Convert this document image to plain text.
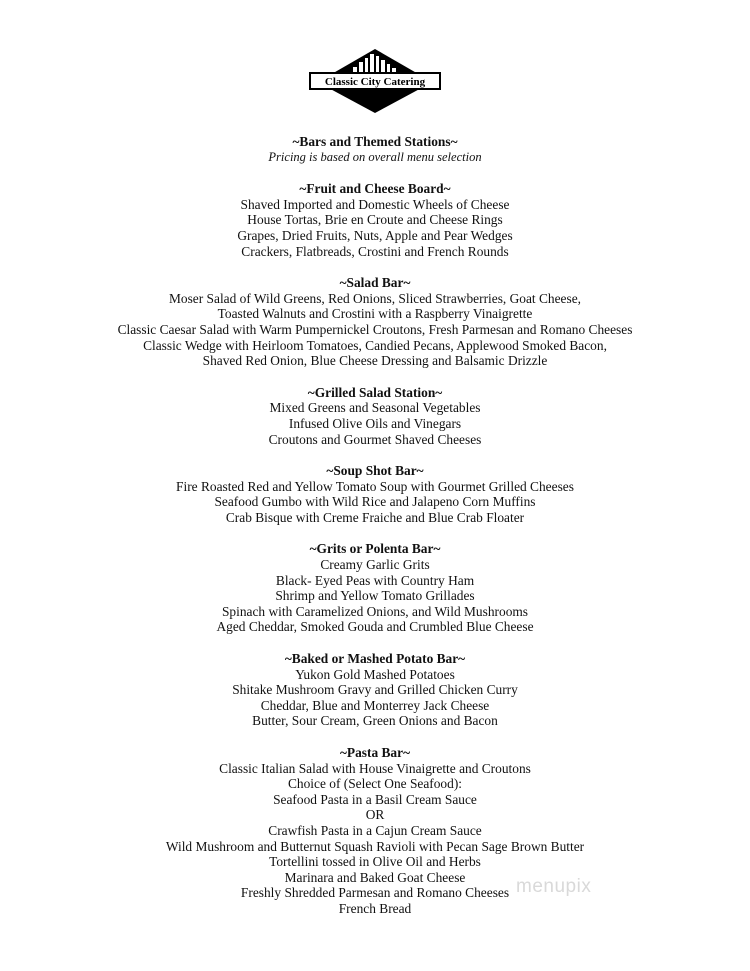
Classic City Catering
~Bars and Themed Stations~
Pricing is based on overall menu selection
~Fruit and Cheese Board~
Shaved Imported and Domestic Wheels of Cheese
House Tortas, Brie en Croute and Cheese Rings
Grapes, Dried Fruits, Nuts, Apple and Pear Wedges
Crackers, Flatbreads, Crostini and French Rounds
~Salad Bar~
Moser Salad of Wild Greens, Red Onions, Sliced Strawberries, Goat Cheese,
Toasted Walnuts and Crostini with a Raspberry Vinaigrette
Classic Caesar Salad with Warm Pumpernickel Croutons, Fresh Parmesan and Romano Cheeses
Classic Wedge with Heirloom Tomatoes, Candied Pecans, Applewood Smoked Bacon,
Shaved Red Onion, Blue Cheese Dressing and Balsamic Drizzle
~Grilled Salad Station~
Mixed Greens and Seasonal Vegetables
Infused Olive Oils and Vinegars
Croutons and Gourmet Shaved Cheeses
~Soup Shot Bar~
Fire Roasted Red and Yellow Tomato Soup with Gourmet Grilled Cheeses
Seafood Gumbo with Wild Rice and Jalapeno Corn Muffins
Crab Bisque with Creme Fraiche and Blue Crab Floater
~Grits or Polenta Bar~
Creamy Garlic Grits
Black- Eyed Peas with Country Ham
Shrimp and Yellow Tomato Grillades
Spinach with Caramelized Onions, and Wild Mushrooms
Aged Cheddar, Smoked Gouda and Crumbled Blue Cheese
~Baked or Mashed Potato Bar~
Yukon Gold Mashed Potatoes
Shitake Mushroom Gravy and Grilled Chicken Curry
Cheddar, Blue and Monterrey Jack Cheese
Butter, Sour Cream, Green Onions and Bacon
~Pasta Bar~
Classic Italian Salad with House Vinaigrette and Croutons
Choice of (Select One Seafood):
Seafood Pasta in a Basil Cream Sauce
OR
Crawfish Pasta in a Cajun Cream Sauce
Wild Mushroom and Butternut Squash Ravioli with Pecan Sage Brown Butter
Tortellini tossed in Olive Oil and Herbs
Marinara and Baked Goat Cheese
Freshly Shredded Parmesan and Romano Cheeses
French Bread
menupix
